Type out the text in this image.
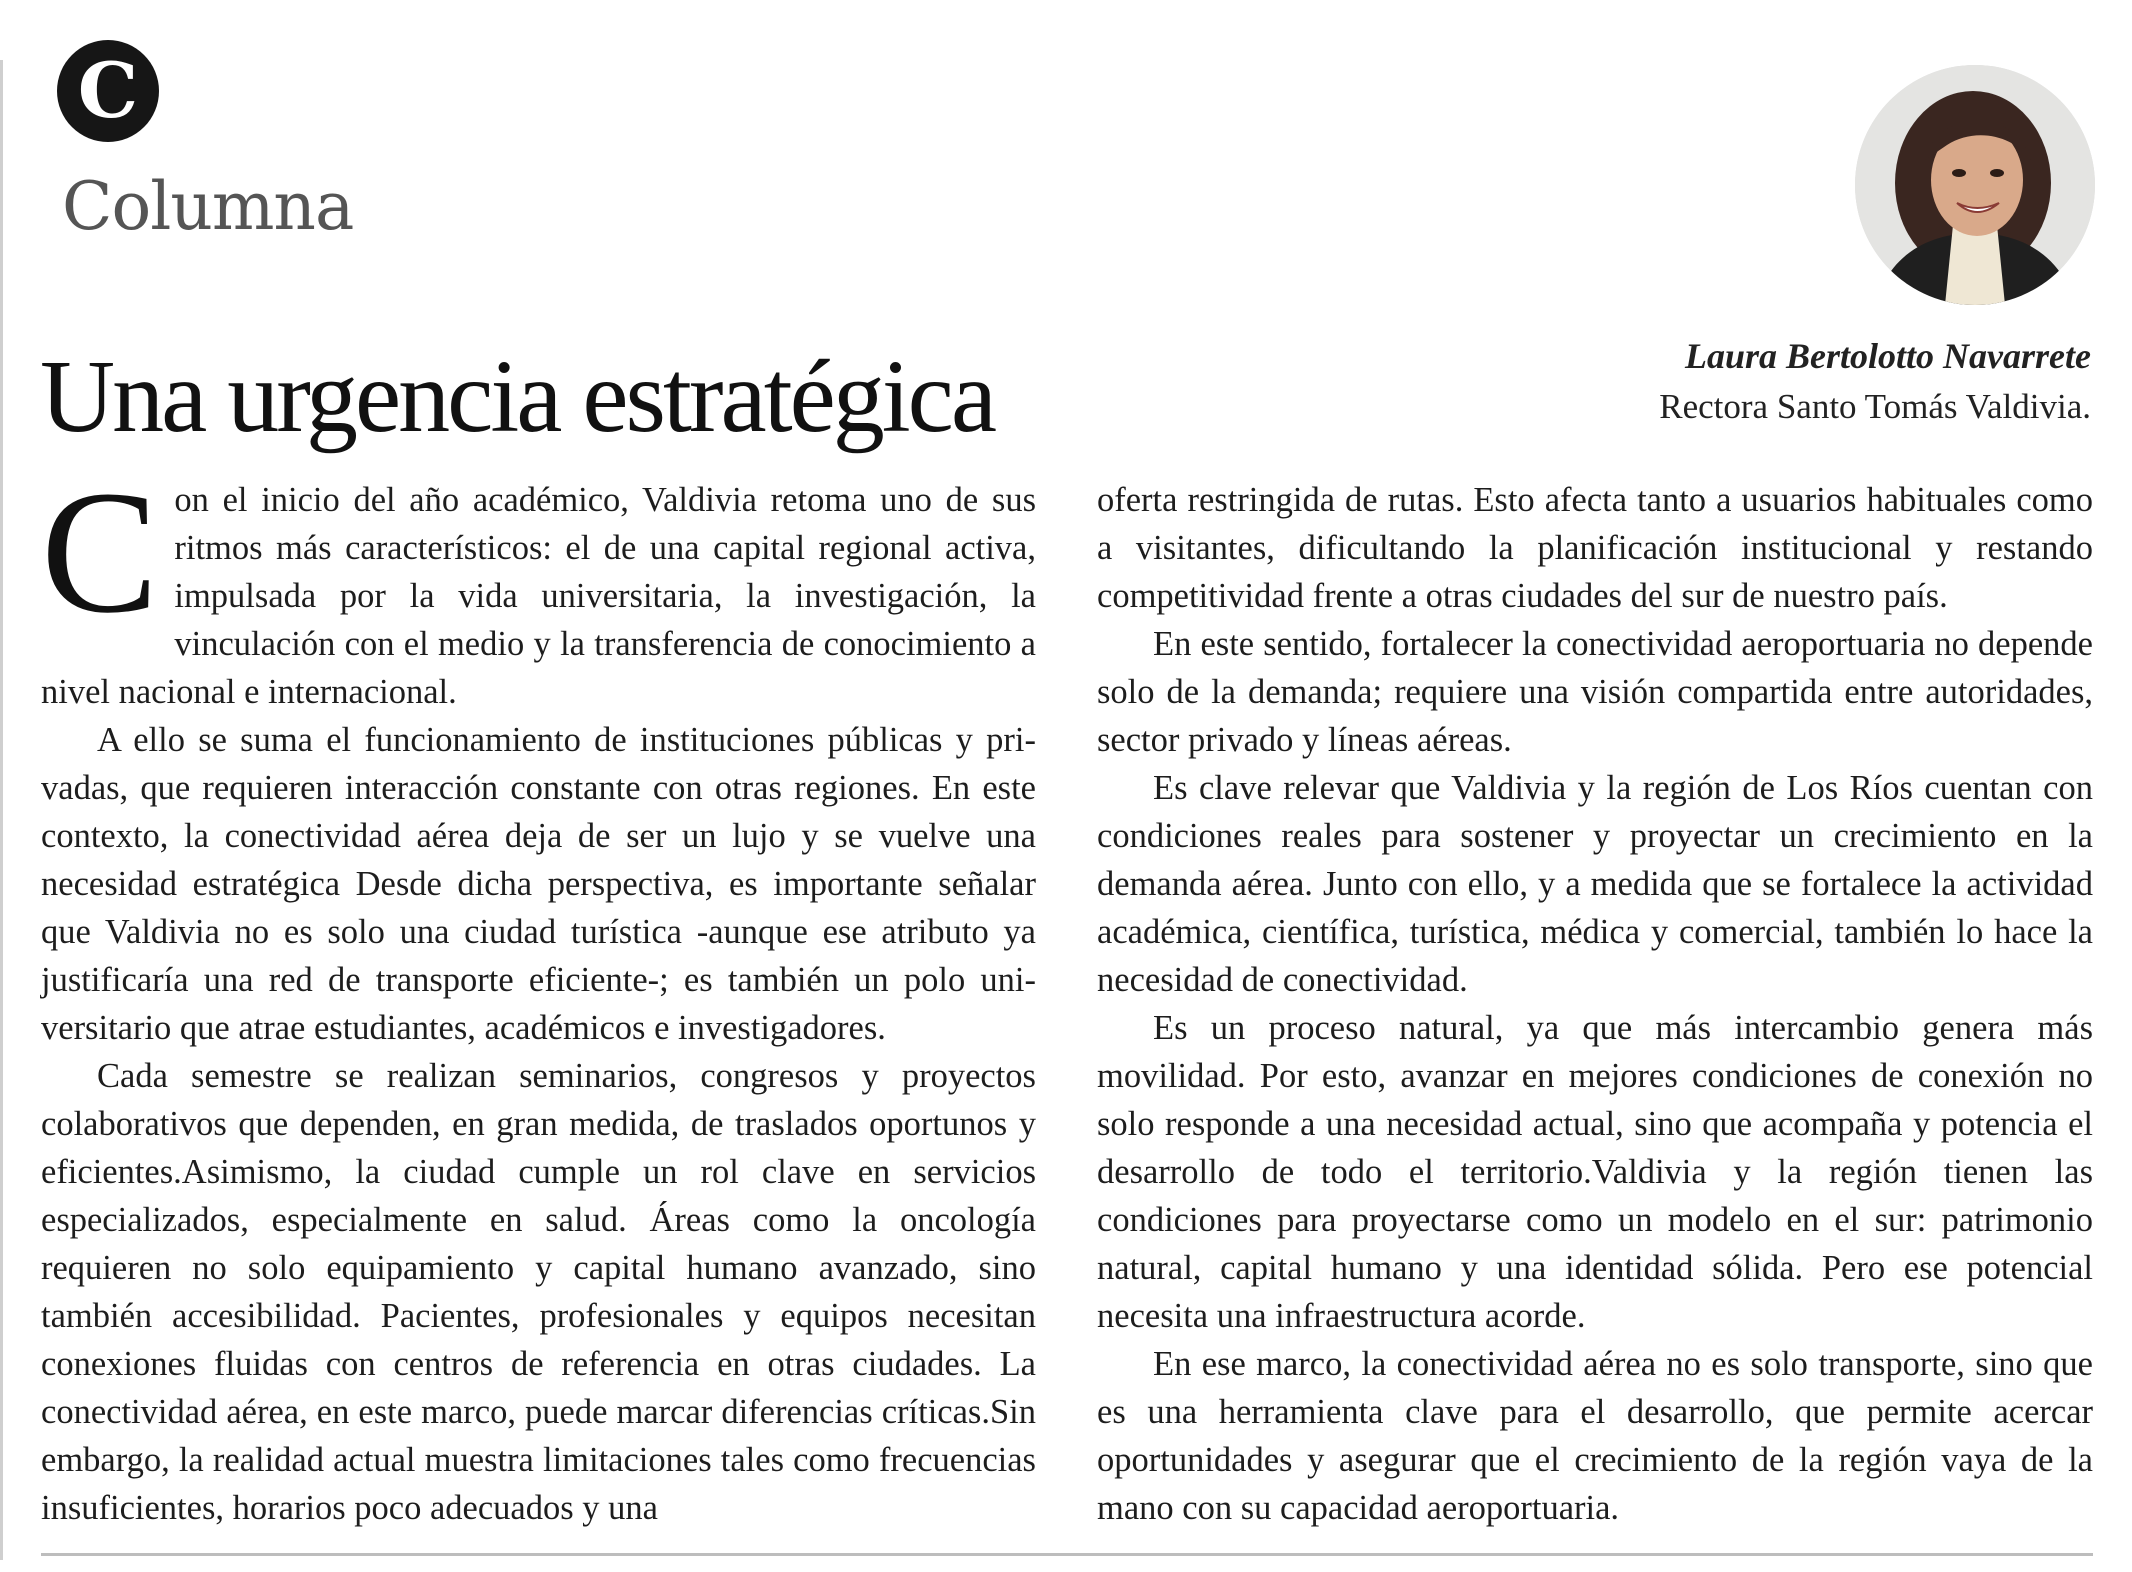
C
Columna
Una urgencia estratégica	Laura Bertolotto Navarrete
Rectora Santo Tomás Valdivia.

Con el inicio del año académico, Valdivia retoma uno de sus ritmos más característicos: el de una capital regional activa, impulsada por la vida universitaria, la investigación, la vinculación con el medio y la transferencia de conocimiento a nivel nacional e internacional.

A ello se suma el funcionamiento de instituciones públicas y privadas, que requieren interacción constante con otras regiones. En este contexto, la conectividad aérea deja de ser un lujo y se vuelve una necesidad estratégica Desde dicha perspectiva, es importante señalar que Valdivia no es solo una ciudad turística -aunque ese atributo ya justificaría una red de transporte eficiente-; es también un polo universitario que atrae estudiantes, académicos e investigadores.

Cada semestre se realizan seminarios, congresos y proyectos colaborativos que dependen, en gran medida, de traslados oportunos y eficientes.Asimismo, la ciudad cumple un rol clave en servicios especializados, especialmente en salud. Áreas como la oncología requieren no solo equipamiento y capital humano avanzado, sino también accesibilidad. Pacientes, profesionales y equipos necesitan conexiones fluidas con centros de referencia en otras ciudades. La conectividad aérea, en este marco, puede marcar diferencias críticas.Sin embargo, la realidad actual muestra limitaciones tales como frecuencias insuficientes, horarios poco adecuados y una

oferta restringida de rutas. Esto afecta tanto a usuarios habituales como a visitantes, dificultando la planificación institucional y restando competitividad frente a otras ciudades del sur de nuestro país.

En este sentido, fortalecer la conectividad aeroportuaria no depende solo de la demanda; requiere una visión compartida entre autoridades, sector privado y líneas aéreas.

Es clave relevar que Valdivia y la región de Los Ríos cuentan con condiciones reales para sostener y proyectar un crecimiento en la demanda aérea. Junto con ello, y a medida que se fortalece la actividad académica, científica, turística, médica y comercial, también lo hace la necesidad de conectividad.

Es un proceso natural, ya que más intercambio genera más movilidad. Por esto, avanzar en mejores condiciones de conexión no solo responde a una necesidad actual, sino que acompaña y potencia el desarrollo de todo el territorio.Valdivia y la región tienen las condiciones para proyectarse como un modelo en el sur: patrimonio natural, capital humano y una identidad sólida. Pero ese potencial necesita una infraestructura acorde.

En ese marco, la conectividad aérea no es solo transporte, sino que es una herramienta clave para el desarrollo, que permite acercar oportunidades y asegurar que el crecimiento de la región vaya de la mano con su capacidad aeroportuaria.
